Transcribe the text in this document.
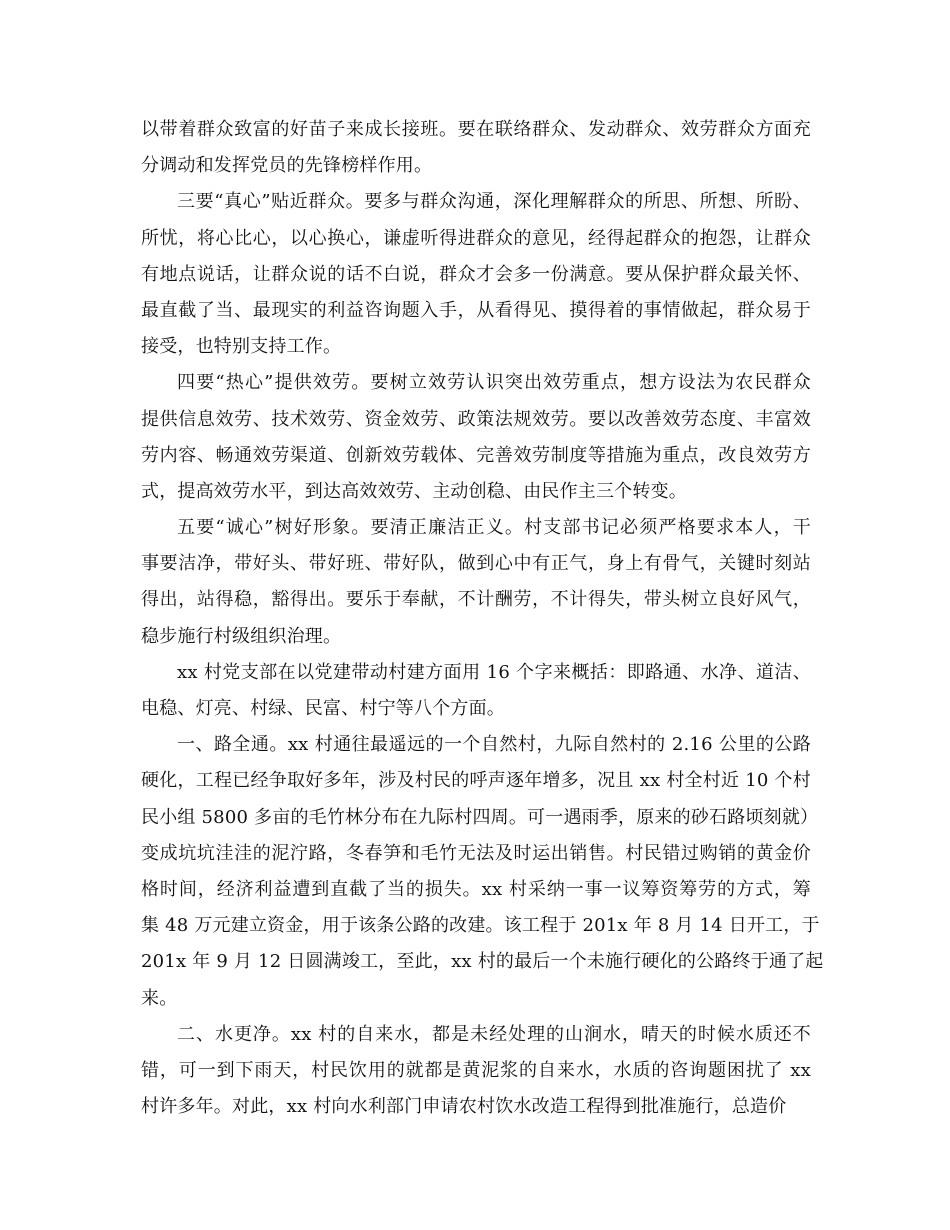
以带着群众致富的好苗子来成长接班。要在联络群众、发动群众、效劳群众方面充
分调动和发挥党员的先锋榜样作用。
三要“真心”贴近群众。要多与群众沟通，深化理解群众的所思、所想、所盼、
所忧，将心比心，以心换心，谦虚听得进群众的意见，经得起群众的抱怨，让群众
有地点说话，让群众说的话不白说，群众才会多一份满意。要从保护群众最关怀、
最直截了当、最现实的利益咨询题入手，从看得见、摸得着的事情做起，群众易于
接受，也特别支持工作。
四要“热心”提供效劳。要树立效劳认识突出效劳重点，想方设法为农民群众
提供信息效劳、技术效劳、资金效劳、政策法规效劳。要以改善效劳态度、丰富效
劳内容、畅通效劳渠道、创新效劳载体、完善效劳制度等措施为重点，改良效劳方
式，提高效劳水平，到达高效效劳、主动创稳、由民作主三个转变。
五要“诚心”树好形象。要清正廉洁正义。村支部书记必须严格要求本人，干
事要洁净，带好头、带好班、带好队，做到心中有正气，身上有骨气，关键时刻站
得出，站得稳，豁得出。要乐于奉献，不计酬劳，不计得失，带头树立良好风气，
稳步施行村级组织治理。
xx 村党支部在以党建带动村建方面用 16 个字来概括：即路通、水净、道洁、
电稳、灯亮、村绿、民富、村宁等八个方面。
一、路全通。xx 村通往最遥远的一个自然村，九际自然村的 2.16 公里的公路
硬化，工程已经争取好多年，涉及村民的呼声逐年增多，况且 xx 村全村近 10 个村
民小组 5800 多亩的毛竹林分布在九际村四周。可一遇雨季，原来的砂石路顷刻就）
变成坑坑洼洼的泥泞路，冬春笋和毛竹无法及时运出销售。村民错过购销的黄金价
格时间，经济利益遭到直截了当的损失。xx 村采纳一事一议筹资筹劳的方式，筹
集 48 万元建立资金，用于该条公路的改建。该工程于 201x 年 8 月 14 日开工，于
201x 年 9 月 12 日圆满竣工，至此，xx 村的最后一个未施行硬化的公路终于通了起
来。
二、水更净。xx 村的自来水，都是未经处理的山涧水，晴天的时候水质还不
错，可一到下雨天，村民饮用的就都是黄泥浆的自来水，水质的咨询题困扰了 xx
村许多年。对此，xx 村向水利部门申请农村饮水改造工程得到批准施行，总造价
